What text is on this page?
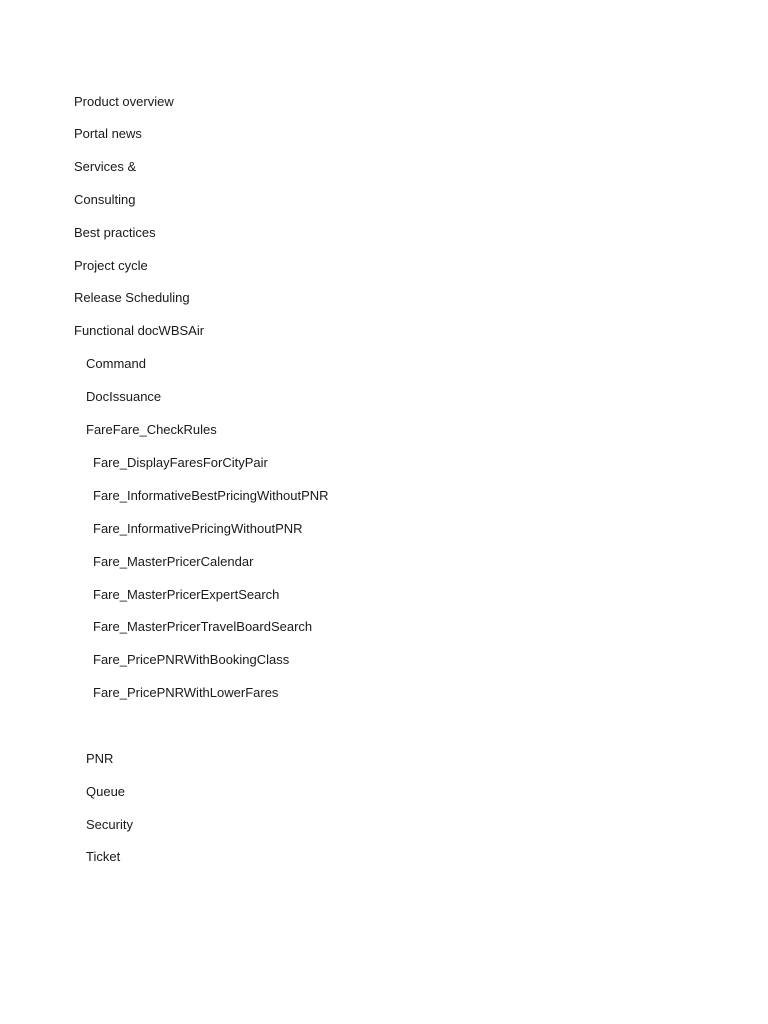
Product overview
Portal news
Services &
Consulting
Best practices
Project cycle
Release Scheduling
Functional docWBSAir
Command
DocIssuance
FareFare_CheckRules
Fare_DisplayFaresForCityPair
Fare_InformativeBestPricingWithoutPNR
Fare_InformativePricingWithoutPNR
Fare_MasterPricerCalendar
Fare_MasterPricerExpertSearch
Fare_MasterPricerTravelBoardSearch
Fare_PricePNRWithBookingClass
Fare_PricePNRWithLowerFares
PNR
Queue
Security
Ticket
